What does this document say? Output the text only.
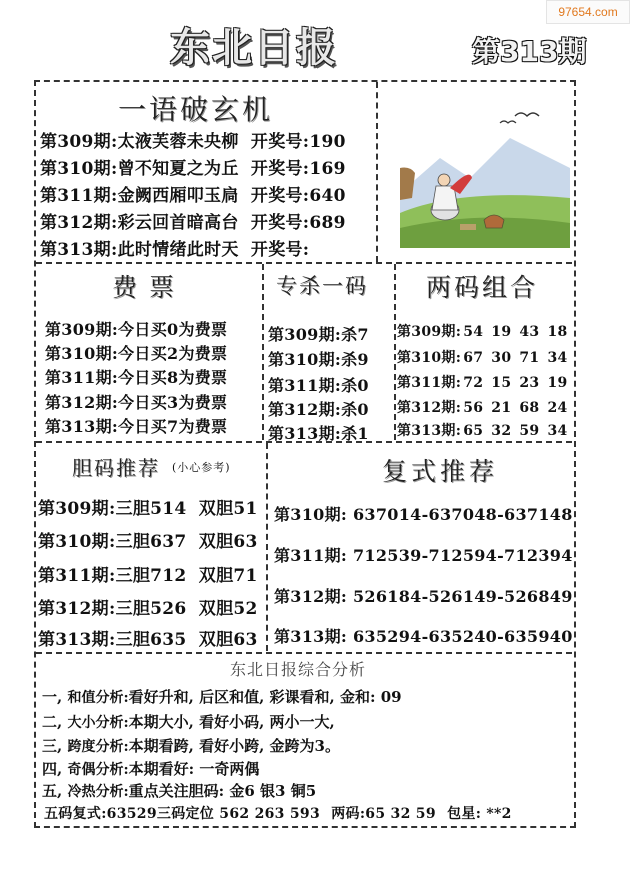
97654.com
东北日报	第313期
一语破玄机
第309期:太液芙蓉未央柳 开奖号:190
第310期:曾不知夏之为丘 开奖号:169
第311期:金阙西厢叩玉扃 开奖号:640
第312期:彩云回首暗高台 开奖号:689
第313期:此时情绪此时天 开奖号:
费票
第309期:今日买0为费票
第310期:今日买2为费票
第311期:今日买8为费票
第312期:今日买3为费票
第313期:今日买7为费票
专杀一码
第309期:杀7
第310期:杀9
第311期:杀0
第312期:杀0
第313期:杀1
两码组合
第309期: 54 19 43 18
第310期: 67 30 71 34
第311期: 72 15 23 19
第312期: 56 21 68 24
第313期: 65 32 59 34
胆码推荐 (小心参考)
第309期:三胆514 双胆51
第310期:三胆637 双胆63
第311期:三胆712 双胆71
第312期:三胆526 双胆52
第313期:三胆635 双胆63
复式推荐
第310期: 637014-637048-637148
第311期: 712539-712594-712394
第312期: 526184-526149-526849
第313期: 635294-635240-635940
东北日报综合分析
一, 和值分析:看好升和, 后区和值, 彩课看和, 金和: 09
二, 大小分析:本期大小, 看好小码, 两小一大,
三, 跨度分析:本期看跨, 看好小跨, 金跨为3。
四, 奇偶分析:本期看好: 一奇两偶
五, 冷热分析:重点关注胆码: 金6 银3 铜5
五码复式:63529三码定位 562 263 593 两码:65 32 59 包星: **2
